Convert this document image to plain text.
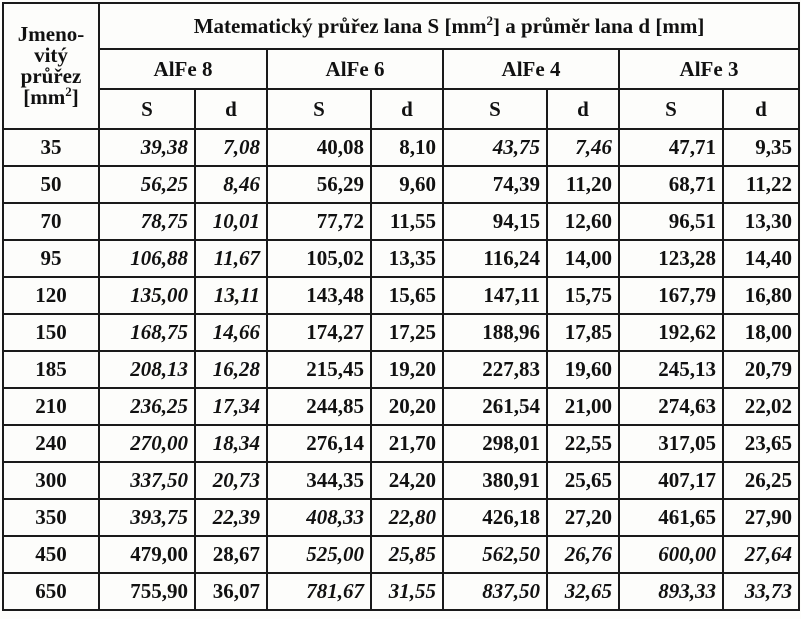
Jmeno-
vitý
průřez
$[mm^2]$	Matematický průřez lana S $[mm^2]$ a průměr lana d [mm]							
	AlFe 8		AlFe 6		AlFe 4		AlFe 3	
	S	d	S	d	S	d	S	d
35	39,38	7,08	40,08	8,10	43,75	7,46	47,71	9,35
50	56,25	8,46	56,29	9,60	74,39	11,20	68,71	11,22
70	78,75	10,01	77,72	11,55	94,15	12,60	96,51	13,30
95	106,88	11,67	105,02	13,35	116,24	14,00	123,28	14,40
120	135,00	13,11	143,48	15,65	147,11	15,75	167,79	16,80
150	168,75	14,66	174,27	17,25	188,96	17,85	192,62	18,00
185	208,13	16,28	215,45	19,20	227,83	19,60	245,13	20,79
210	236,25	17,34	244,85	20,20	261,54	21,00	274,63	22,02
240	270,00	18,34	276,14	21,70	298,01	22,55	317,05	23,65
300	337,50	20,73	344,35	24,20	380,91	25,65	407,17	26,25
350	393,75	22,39	408,33	22,80	426,18	27,20	461,65	27,90
450	479,00	28,67	525,00	25,85	562,50	26,76	600,00	27,64
650	755,90	36,07	781,67	31,55	837,50	32,65	893,33	33,73
